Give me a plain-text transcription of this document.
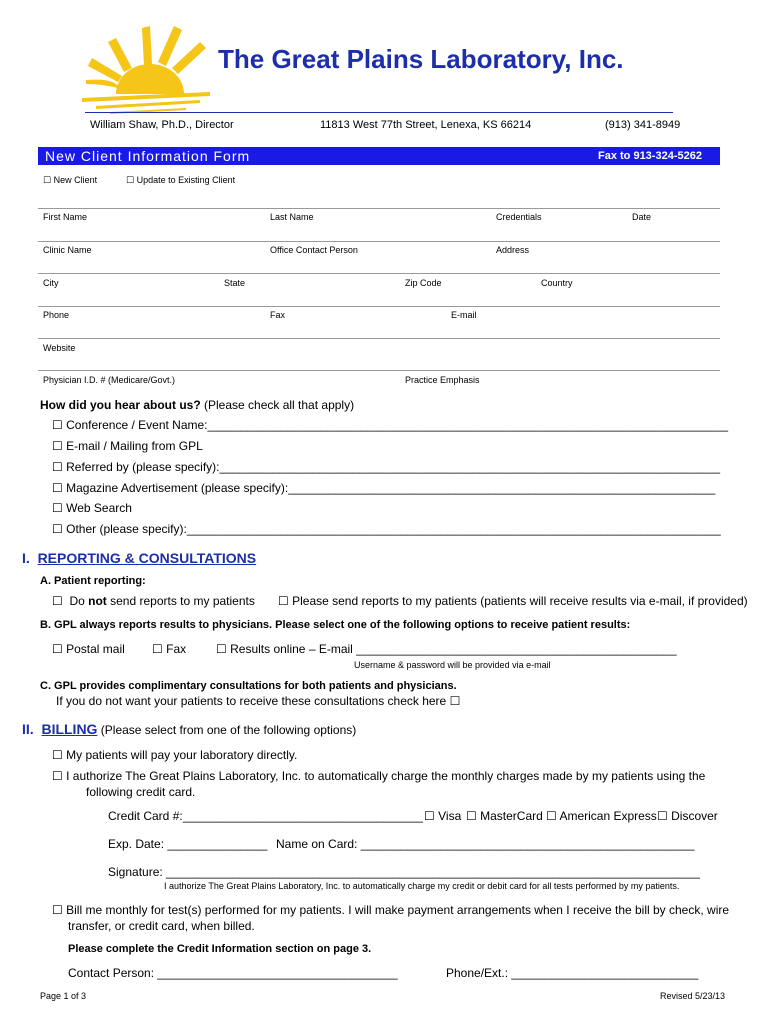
The Great Plains Laboratory, Inc.
William Shaw, Ph.D., Director	11813 West 77th Street, Lenexa, KS 66214	(913) 341-8949
New Client Information Form	Fax to 913-324-5262
☐ New Client	☐ Update to Existing Client
First Name	Last Name	Credentials	Date
Clinic Name	Office Contact Person	Address
City	State	Zip Code	Country
Phone	Fax	E-mail
Website
Physician I.D. # (Medicare/Govt.)	Practice Emphasis
How did you hear about us? (Please check all that apply)
☐ Conference / Event Name:______________________________________________________________________________
☐ E-mail / Mailing from GPL
☐ Referred by (please specify):___________________________________________________________________________
☐ Magazine Advertisement (please specify):________________________________________________________________
☐ Web Search
☐ Other (please specify):________________________________________________________________________________
I. REPORTING & CONSULTATIONS
A. Patient reporting:
☐ Do not send reports to my patients ☐ Please send reports to my patients (patients will receive results via e-mail, if provided)
B. GPL always reports results to physicians. Please select one of the following options to receive patient results:
☐ Postal mail ☐ Fax ☐ Results online – E-mail ________________________________________________
Username & password will be provided via e-mail
C. GPL provides complimentary consultations for both patients and physicians.
If you do not want your patients to receive these consultations check here ☐
II. BILLING (Please select from one of the following options)
☐ My patients will pay your laboratory directly.
☐ I authorize The Great Plains Laboratory, Inc. to automatically charge the monthly charges made by my patients using the
following credit card.
Credit Card #:____________________________________ ☐ Visa ☐ MasterCard ☐ American Express ☐ Discover
Exp. Date: _______________ Name on Card: __________________________________________________
Signature: ________________________________________________________________________________
I authorize The Great Plains Laboratory, Inc. to automatically charge my credit or debit card for all tests performed by my patients.
☐ Bill me monthly for test(s) performed for my patients. I will make payment arrangements when I receive the bill by check, wire
transfer, or credit card, when billed.
Please complete the Credit Information section on page 3.
Contact Person: ____________________________________	Phone/Ext.: ____________________________
Page 1 of 3	Revised 5/23/13
